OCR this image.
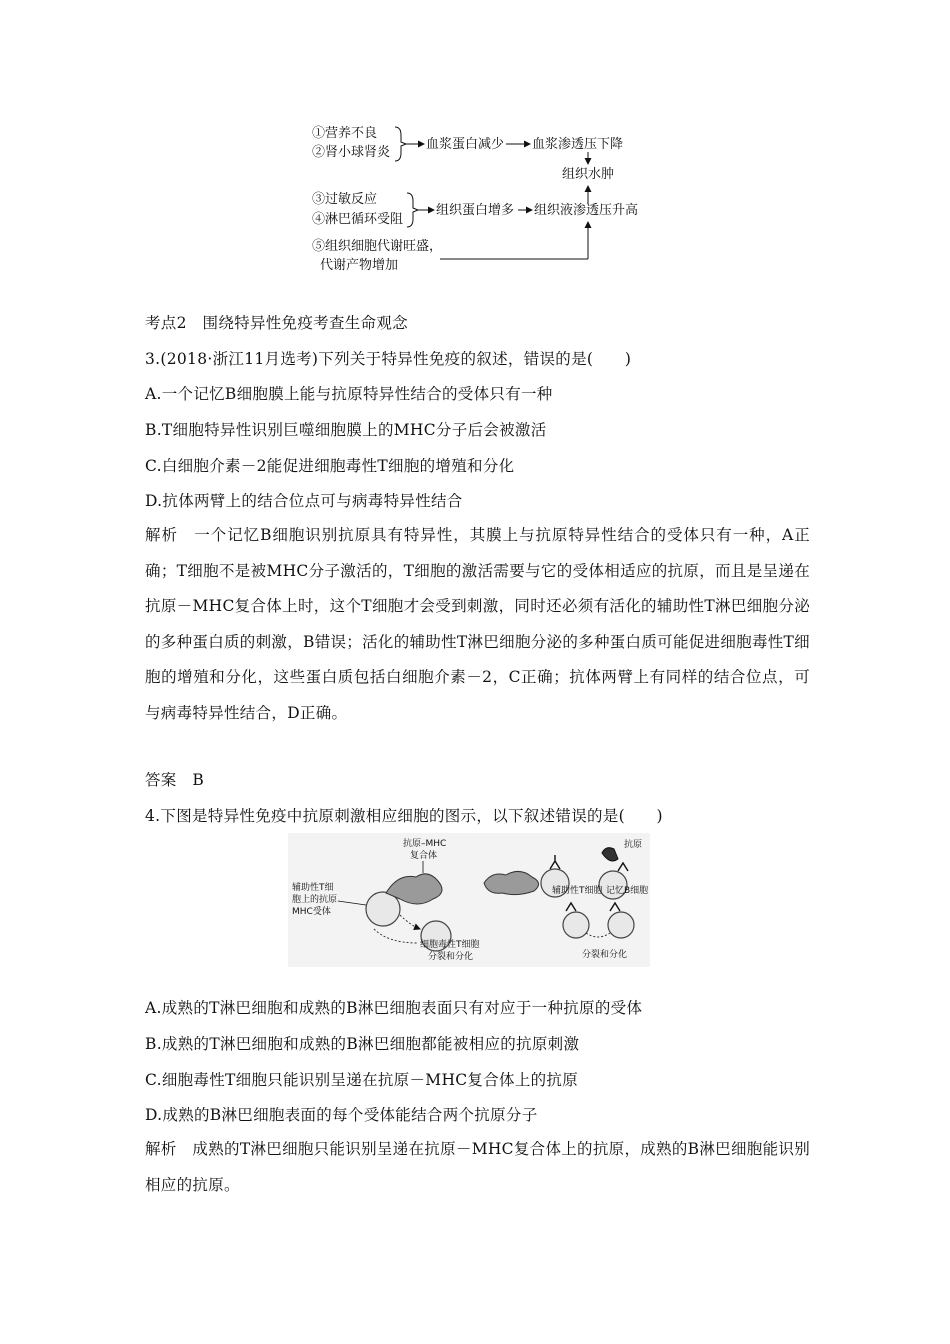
①营养不良
②肾小球肾炎
血浆蛋白减少 血浆渗透压下降
组织水肿
③过敏反应
④淋巴循环受阻
组织蛋白增多 组织液渗透压升高
⑤组织细胞代谢旺盛，
代谢产物增加
考点2　围绕特异性免疫考查生命观念
3.(2018·浙江11月选考)下列关于特异性免疫的叙述，错误的是(　　)
A.一个记忆B细胞膜上能与抗原特异性结合的受体只有一种
B.T细胞特异性识别巨噬细胞膜上的MHC分子后会被激活
C.白细胞介素－2能促进细胞毒性T细胞的增殖和分化
D.抗体两臂上的结合位点可与病毒特异性结合
解析　一个记忆B细胞识别抗原具有特异性，其膜上与抗原特异性结合的受体只有一种，A正确；T细胞不是被MHC分子激活的，T细胞的激活需要与它的受体相适应的抗原，而且是呈递在抗原－MHC复合体上时，这个T细胞才会受到刺激，同时还必须有活化的辅助性T淋巴细胞分泌的多种蛋白质的刺激，B错误；活化的辅助性T淋巴细胞分泌的多种蛋白质可能促进细胞毒性T细胞的增殖和分化，这些蛋白质包括白细胞介素－2，C正确；抗体两臂上有同样的结合位点，可与病毒特异性结合，D正确。
答案　B
4.下图是特异性免疫中抗原刺激相应细胞的图示，以下叙述错误的是(　　)
抗原–MHC
复合体
辅助性T细
胞上的抗原
MHC受体
细胞毒性T细胞
分裂和分化
抗原
辅助性T细胞 记忆B细胞
分裂和分化
A.成熟的T淋巴细胞和成熟的B淋巴细胞表面只有对应于一种抗原的受体
B.成熟的T淋巴细胞和成熟的B淋巴细胞都能被相应的抗原刺激
C.细胞毒性T细胞只能识别呈递在抗原－MHC复合体上的抗原
D.成熟的B淋巴细胞表面的每个受体能结合两个抗原分子
解析　成熟的T淋巴细胞只能识别呈递在抗原－MHC复合体上的抗原，成熟的B淋巴细胞能识别相应的抗原。
